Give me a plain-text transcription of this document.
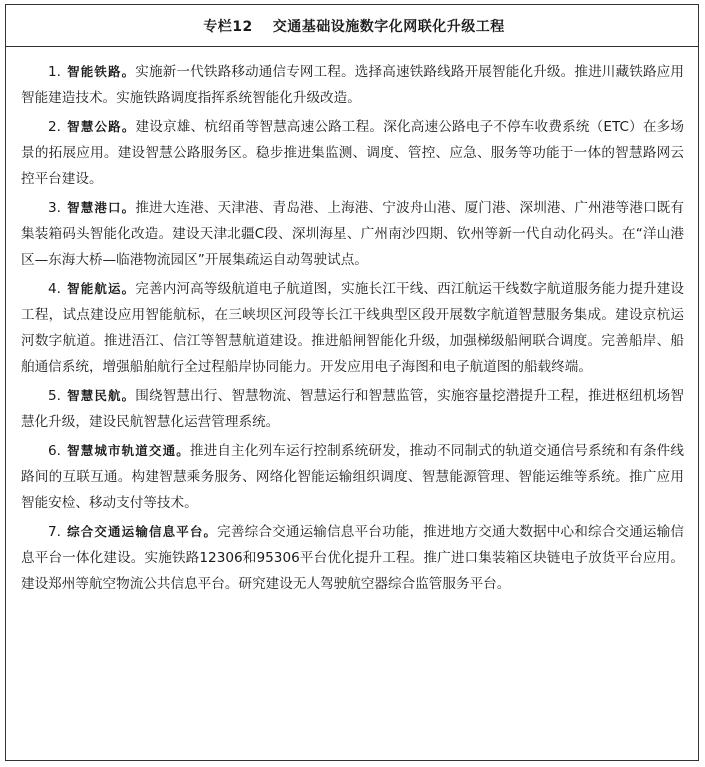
专栏12 交通基础设施数字化网联化升级工程

1. 智能铁路。实施新一代铁路移动通信专网工程。选择高速铁路线路开展智能化升级。推进川藏铁路应用智能建造技术。实施铁路调度指挥系统智能化升级改造。

2. 智慧公路。建设京雄、杭绍甬等智慧高速公路工程。深化高速公路电子不停车收费系统（ETC）在多场景的拓展应用。建设智慧公路服务区。稳步推进集监测、调度、管控、应急、服务等功能于一体的智慧路网云控平台建设。

3. 智慧港口。推进大连港、天津港、青岛港、上海港、宁波舟山港、厦门港、深圳港、广州港等港口既有集装箱码头智能化改造。建设天津北疆C段、深圳海星、广州南沙四期、钦州等新一代自动化码头。在“洋山港区—东海大桥—临港物流园区”开展集疏运自动驾驶试点。

4. 智能航运。完善内河高等级航道电子航道图，实施长江干线、西江航运干线数字航道服务能力提升建设工程，试点建设应用智能航标，在三峡坝区河段等长江干线典型区段开展数字航道智慧服务集成。建设京杭运河数字航道。推进浯江、信江等智慧航道建设。推进船闸智能化升级，加强梯级船闸联合调度。完善船岸、船舶通信系统，增强船舶航行全过程船岸协同能力。开发应用电子海图和电子航道图的船载终端。

5. 智慧民航。围绕智慧出行、智慧物流、智慧运行和智慧监管，实施容量挖潜提升工程，推进枢纽机场智慧化升级，建设民航智慧化运营管理系统。

6. 智慧城市轨道交通。推进自主化列车运行控制系统研发，推动不同制式的轨道交通信号系统和有条件线路间的互联互通。构建智慧乘务服务、网络化智能运输组织调度、智慧能源管理、智能运维等系统。推广应用智能安检、移动支付等技术。

7. 综合交通运输信息平台。完善综合交通运输信息平台功能，推进地方交通大数据中心和综合交通运输信息平台一体化建设。实施铁路12306和95306平台优化提升工程。推广进口集装箱区块链电子放货平台应用。建设郑州等航空物流公共信息平台。研究建设无人驾驶航空器综合监管服务平台。
